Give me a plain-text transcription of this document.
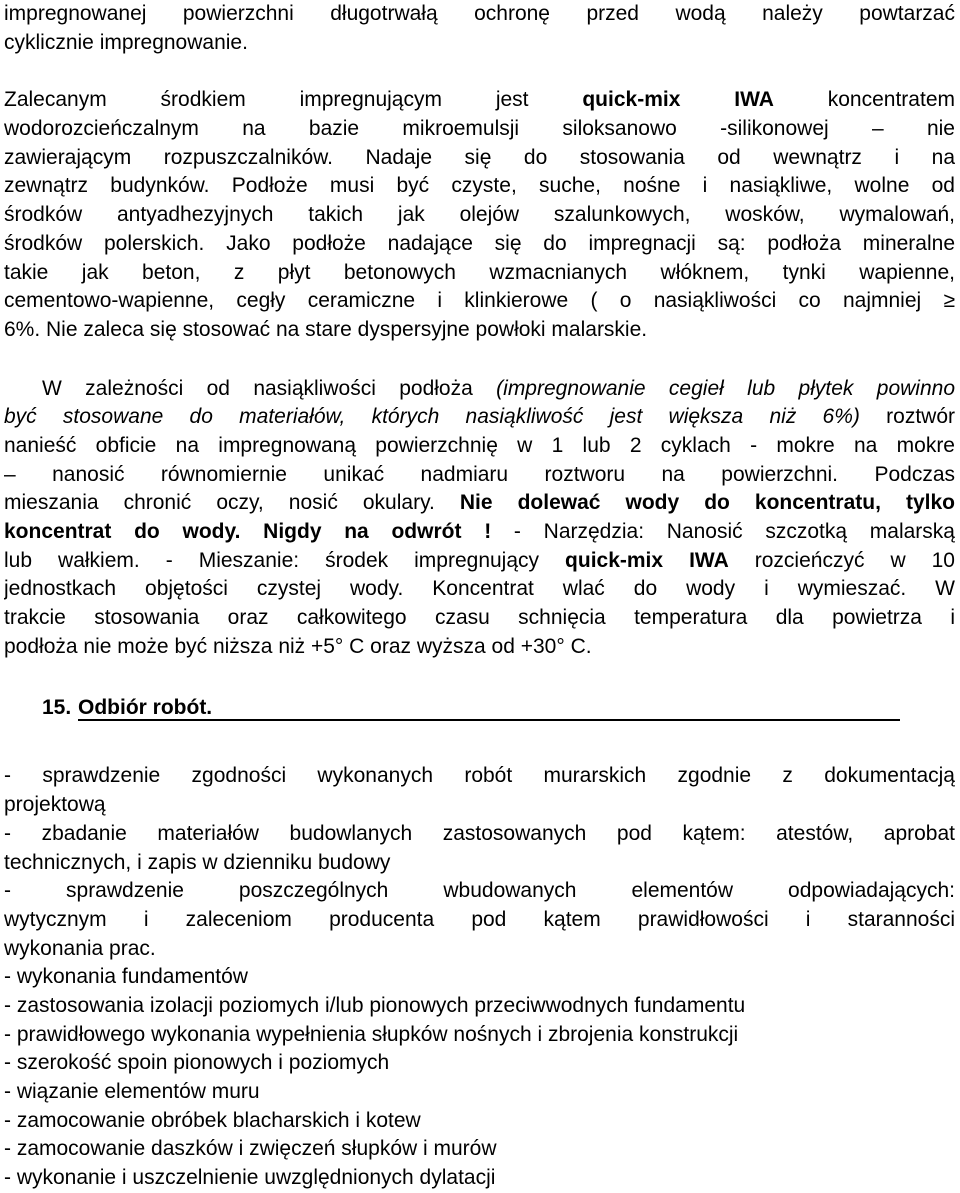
impregnowanej powierzchni długotrwałą ochronę przed wodą należy powtarzać
cyklicznie impregnowanie.
Zalecanym środkiem impregnującym jest quick-mix IWA koncentratem
wodorozcieńczalnym na bazie mikroemulsji siloksanowo -silikonowej – nie
zawierającym rozpuszczalników. Nadaje się do stosowania od wewnątrz i na
zewnątrz budynków. Podłoże musi być czyste, suche, nośne i nasiąkliwe, wolne od
środków antyadhezyjnych takich jak olejów szalunkowych, wosków, wymalowań,
środków polerskich. Jako podłoże nadające się do impregnacji są: podłoża mineralne
takie jak beton, z płyt betonowych wzmacnianych włóknem, tynki wapienne,
cementowo-wapienne, cegły ceramiczne i klinkierowe ( o nasiąkliwości co najmniej ≥
6%. Nie zaleca się stosować na stare dyspersyjne powłoki malarskie.
W zależności od nasiąkliwości podłoża (impregnowanie cegieł lub płytek powinno
być stosowane do materiałów, których nasiąkliwość jest większa niż 6%) roztwór
nanieść obficie na impregnowaną powierzchnię w 1 lub 2 cyklach - mokre na mokre
– nanosić równomiernie unikać nadmiaru roztworu na powierzchni. Podczas
mieszania chronić oczy, nosić okulary. Nie dolewać wody do koncentratu, tylko
koncentrat do wody. Nigdy na odwrót ! - Narzędzia: Nanosić szczotką malarską
lub wałkiem. - Mieszanie: środek impregnujący quick-mix IWA rozcieńczyć w 10
jednostkach objętości czystej wody. Koncentrat wlać do wody i wymieszać. W
trakcie stosowania oraz całkowitego czasu schnięcia temperatura dla powietrza i
podłoża nie może być niższa niż +5° C oraz wyższa od +30° C.
15. Odbiór robót.
- sprawdzenie zgodności wykonanych robót murarskich zgodnie z dokumentacją
projektową
- zbadanie materiałów budowlanych zastosowanych pod kątem: atestów, aprobat
technicznych, i zapis w dzienniku budowy
- sprawdzenie poszczególnych wbudowanych elementów odpowiadających:
wytycznym i zaleceniom producenta pod kątem prawidłowości i staranności
wykonania prac.
- wykonania fundamentów
- zastosowania izolacji poziomych i/lub pionowych przeciwwodnych fundamentu
- prawidłowego wykonania wypełnienia słupków nośnych i zbrojenia konstrukcji
- szerokość spoin pionowych i poziomych
- wiązanie elementów muru
- zamocowanie obróbek blacharskich i kotew
- zamocowanie daszków i zwięczeń słupków i murów
- wykonanie i uszczelnienie uwzględnionych dylatacji
